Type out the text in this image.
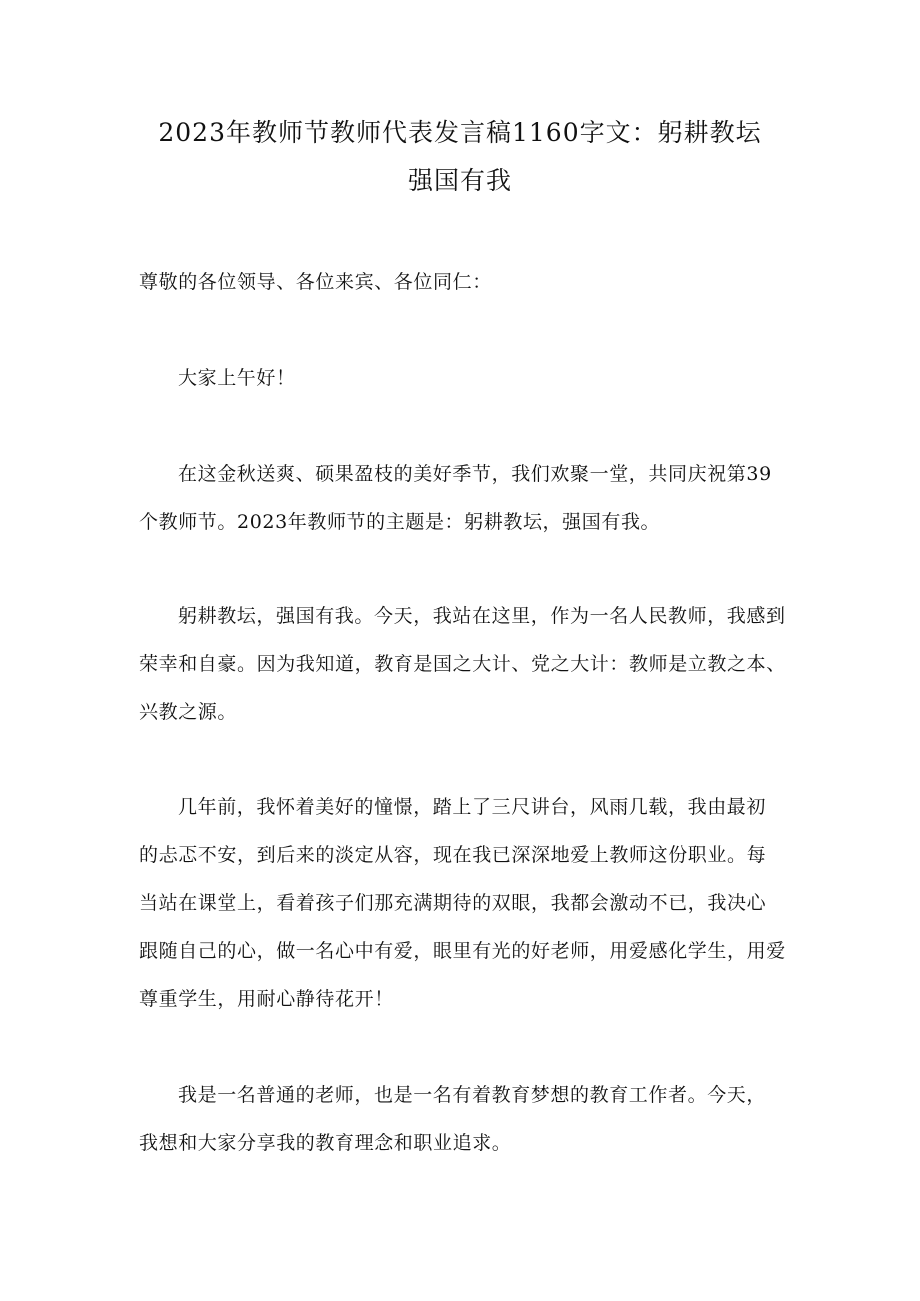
2023年教师节教师代表发言稿1160字文：躬耕教坛
强国有我
尊敬的各位领导、各位来宾、各位同仁：
大家上午好！
在这金秋送爽、硕果盈枝的美好季节，我们欢聚一堂，共同庆祝第39
个教师节。2023年教师节的主题是：躬耕教坛，强国有我。
躬耕教坛，强国有我。今天，我站在这里，作为一名人民教师，我感到
荣幸和自豪。因为我知道，教育是国之大计、党之大计：教师是立教之本、
兴教之源。
几年前，我怀着美好的憧憬，踏上了三尺讲台，风雨几载，我由最初
的忐忑不安，到后来的淡定从容，现在我已深深地爱上教师这份职业。每
当站在课堂上，看着孩子们那充满期待的双眼，我都会激动不已，我决心
跟随自己的心，做一名心中有爱，眼里有光的好老师，用爱感化学生，用爱
尊重学生，用耐心静待花开！
我是一名普通的老师，也是一名有着教育梦想的教育工作者。今天，
我想和大家分享我的教育理念和职业追求。
